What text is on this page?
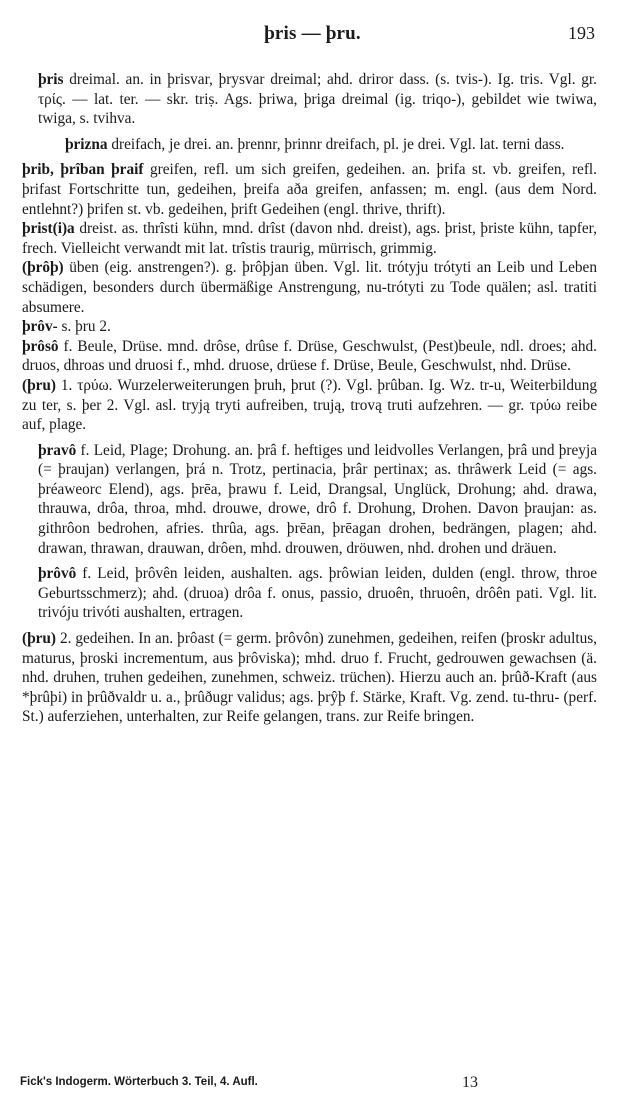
þris — þru.	193
þris dreimal. an. in þrisvar, þrysvar dreimal; ahd. driror dass. (s. tvis-). Ig. tris. Vgl. gr. τρίς. — lat. ter. — skr. triṣ. Ags. þriwa, þriga dreimal (ig. triqo-), gebildet wie twiwa, twiga, s. tvihva.
þrizna dreifach, je drei. an. þrennr, þrinnr dreifach, pl. je drei. Vgl. lat. terni dass.
þrib, þrîban þraif greifen, refl. um sich greifen, gedeihen. an. þrifa st. vb. greifen, refl. þrifast Fortschritte tun, gedeihen, þreifa aða greifen, anfassen; m. engl. (aus dem Nord. entlehnt?) þrifen st. vb. gedeihen, þrift Gedeihen (engl. thrive, thrift).
þrist(i)a dreist. as. thrîsti kühn, mnd. drîst (davon nhd. dreist), ags. þrist, þriste kühn, tapfer, frech. Vielleicht verwandt mit lat. trîstis traurig, mürrisch, grimmig.
(þrôþ) üben (eig. anstrengen?). g. þrôþjan üben. Vgl. lit. trótyju trótyti an Leib und Leben schädigen, besonders durch übermäßige Anstrengung, nu-trótyti zu Tode quälen; asl. tratiti absumere.
þrôv- s. þru 2.
þrôsô f. Beule, Drüse. mnd. drôse, drûse f. Drüse, Geschwulst, (Pest)beule, ndl. droes; ahd. druos, dhroas und druosi f., mhd. druose, drüese f. Drüse, Beule, Geschwulst, nhd. Drüse.
(þru) 1. τρύω. Wurzelerweiterungen þruh, þrut (?). Vgl. þrûban. Ig. Wz. tr-u, Weiterbildung zu ter, s. þer 2. Vgl. asl. tryją tryti aufreiben, trują, trovą truti aufzehren. — gr. τρύω reibe auf, plage.
þravô f. Leid, Plage; Drohung. an. þrâ f. heftiges und leidvolles Verlangen, þrâ und þreyja (= þraujan) verlangen, þrá n. Trotz, pertinacia, þrâr pertinax; as. thrâwerk Leid (= ags. þréaweorc Elend), ags. þrēa, þrawu f. Leid, Drangsal, Unglück, Drohung; ahd. drawa, thrauwa, drôa, throa, mhd. drouwe, drowe, drô f. Drohung, Drohen. Davon þraujan: as. githrôon bedrohen, afries. thrûa, ags. þrēan, þrēagan drohen, bedrängen, plagen; ahd. drawan, thrawan, drauwan, drôen, mhd. drouwen, dröuwen, nhd. drohen und dräuen.
þrôvô f. Leid, þrôvên leiden, aushalten. ags. þrôwian leiden, dulden (engl. throw, throe Geburtsschmerz); ahd. (druoa) drôa f. onus, passio, druoên, thruoên, drôên pati. Vgl. lit. trivóju trivóti aushalten, ertragen.
(þru) 2. gedeihen. In an. þrôast (= germ. þrôvôn) zunehmen, gedeihen, reifen (þroskr adultus, maturus, þroski incrementum, aus þrôviska); mhd. druo f. Frucht, gedrouwen gewachsen (ä. nhd. druhen, truhen gedeihen, zunehmen, schweiz. trüchen). Hierzu auch an. þrûð-Kraft (aus *þrûþi) in þrûðvaldr u. a., þrûðugr validus; ags. þrŷþ f. Stärke, Kraft. Vg. zend. tu-thru- (perf. St.) auferziehen, unterhalten, zur Reife gelangen, trans. zur Reife bringen.
Fick's Indogerm. Wörterbuch 3. Teil, 4. Aufl.	13
